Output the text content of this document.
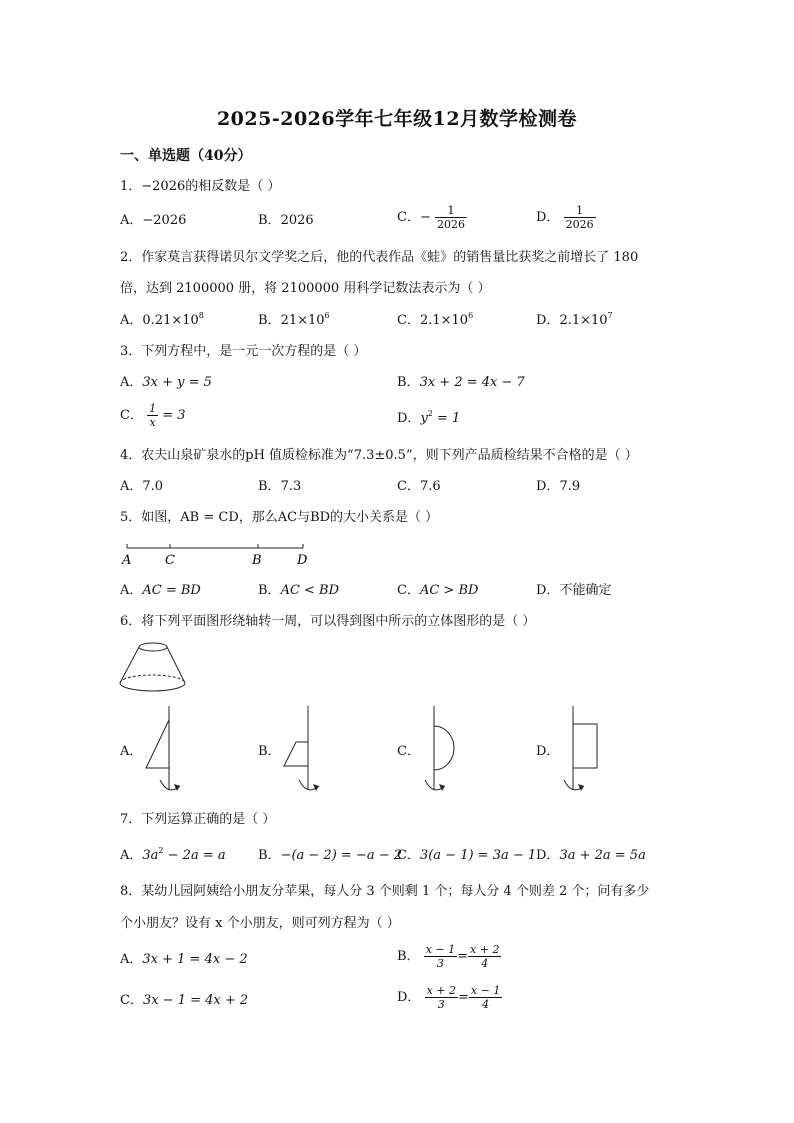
2025-2026学年七年级12月数学检测卷
一、单选题（40分）
1．−2026的相反数是（ ）
A．−2026	B．2026	C．− $\frac{1}{2026}$	D． $\frac{1}{2026}$
2．作家莫言获得诺贝尔文学奖之后，他的代表作品《蛙》的销售量比获奖之前增长了 180
倍，达到 2100000 册，将 2100000 用科学记数法表示为（ ）
A．$0.21\times 10^8$	B．$21\times 10^6$	C．$2.1\times 10^6$	D．$2.1\times 10^7$
3．下列方程中，是一元一次方程的是（ ）
A．3x + y = 5	B．3x + 2 = 4x − 7
C． $\frac{1}{x} = 3$	D．$y^2 = 1$
4．农夫山泉矿泉水的pH 值质检标准为“7.3±0.5”，则下列产品质检结果不合格的是（ ）
A．7.0	B．7.3	C．7.6	D．7.9
5．如图，AB = CD，那么AC与BD的大小关系是（ ）
A	C	B	D
A．AC = BD	B．AC < BD	C．AC > BD	D．不能确定
6．将下列平面图形绕轴转一周，可以得到图中所示的立体图形的是（ ）
A．	B．	C．	D．
7．下列运算正确的是（ ）
A．$3a^2 - 2a = a$ B．−(a − 2) = −a − 2
C．3(a − 1) = 3a − 1 D．3a + 2a = 5a
8．某幼儿园阿姨给小朋友分苹果，每人分 3 个则剩 1 个；每人分 4 个则差 2 个；问有多少
个小朋友？设有 x 个小朋友，则可列方程为（ ）
A．3x + 1 = 4x − 2	B． $\frac{x - 1}{3} = \frac{x + 2}{4}$
C．3x − 1 = 4x + 2	D． $\frac{x + 2}{3} = \frac{x - 1}{4}$
